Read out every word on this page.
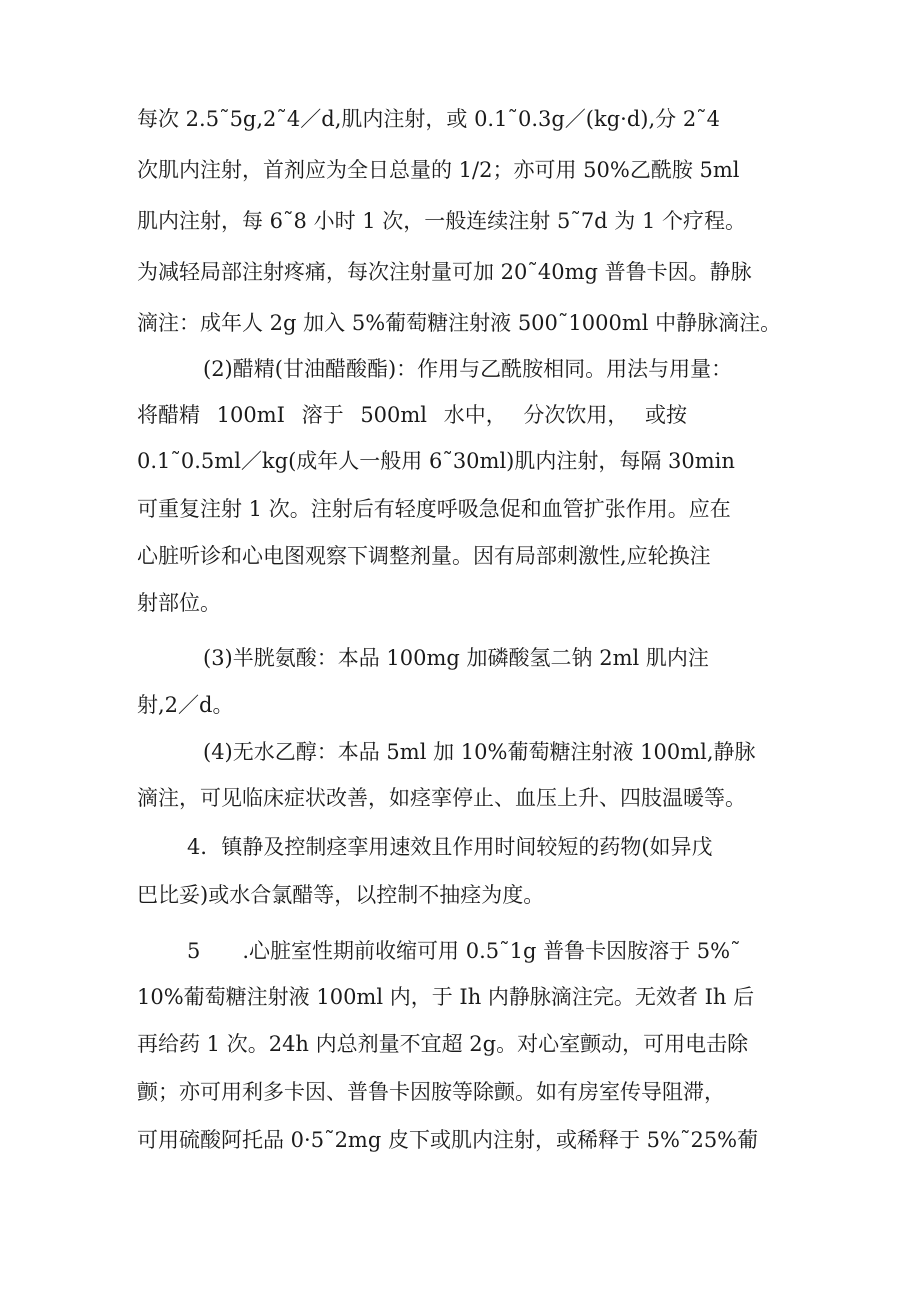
每次 2.5˜5g,2˜4／d,肌内注射，或 0.1˜0.3g／(kg·d),分 2˜4
次肌内注射，首剂应为全日总量的 1/2；亦可用 50%乙酰胺 5ml
肌内注射，每 6˜8 小时 1 次，一般连续注射 5˜7d 为 1 个疗程。
为减轻局部注射疼痛，每次注射量可加 20˜40mg 普鲁卡因。静脉
滴注：成年人 2g 加入 5%葡萄糖注射液 500˜1000ml 中静脉滴注。
(2)醋精(甘油醋酸酯)：作用与乙酰胺相同。用法与用量：
将醋精 100mI 溶于 500ml 水中， 分次饮用， 或按
0.1˜0.5ml／kg(成年人一般用 6˜30ml)肌内注射，每隔 30min
可重复注射 1 次。注射后有轻度呼吸急促和血管扩张作用。应在
心脏听诊和心电图观察下调整剂量。因有局部刺激性,应轮换注
射部位。
(3)半胱氨酸：本品 100mg 加磷酸氢二钠 2ml 肌内注
射,2／d。
(4)无水乙醇：本品 5ml 加 10%葡萄糖注射液 100ml,静脉
滴注，可见临床症状改善，如痉挛停止、血压上升、四肢温暖等。
4．镇静及控制痉挛用速效且作用时间较短的药物(如异戊
巴比妥)或水合氯醋等，以控制不抽痉为度。
5　　.心脏室性期前收缩可用 0.5˜1g 普鲁卡因胺溶于 5%˜
10%葡萄糖注射液 100ml 内，于 Ih 内静脉滴注完。无效者 Ih 后
再给药 1 次。24h 内总剂量不宜超 2g。对心室颤动，可用电击除
颤；亦可用利多卡因、普鲁卡因胺等除颤。如有房室传导阻滞，
可用硫酸阿托品 0·5˜2mg 皮下或肌内注射，或稀释于 5%˜25%葡
